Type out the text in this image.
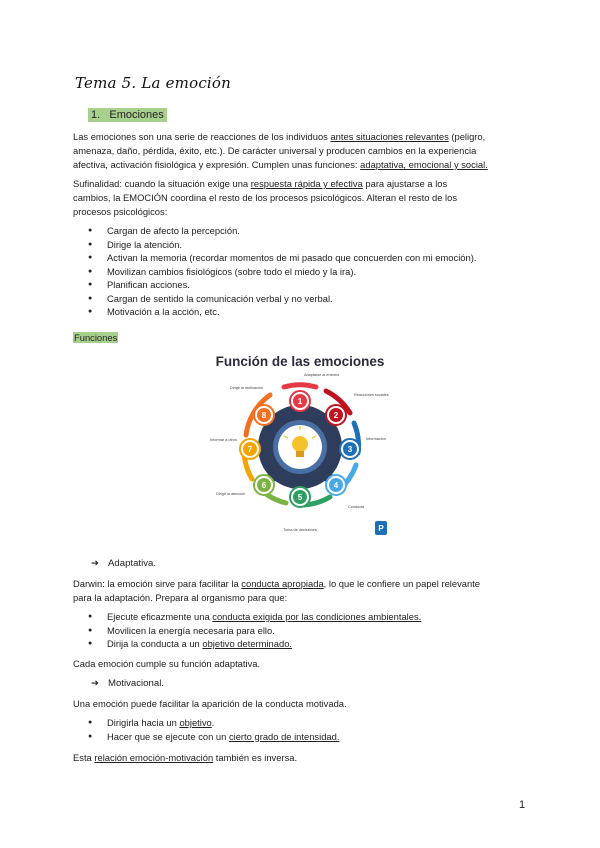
Tema 5. La emoción
1. Emociones
Las emociones son una serie de reacciones de los individuos antes situaciones relevantes (peligro,
amenaza, daño, pérdida, éxito, etc.). De carácter universal y producen cambios en la experiencia
afectiva, activación fisiológica y expresión. Cumplen unas funciones: adaptativa, emocional y social.
Sufinalidad: cuando la situación exige una respuesta rápida y efectiva para ajustarse a los
cambios, la EMOCIÓN coordina el resto de los procesos psicológicos. Alteran el resto de los
procesos psicológicos:
● Cargan de afecto la percepción.
● Dirige la atención.
● Activan la memoria (recordar momentos de mi pasado que concuerden con mi emoción).
● Movilizan cambios fisiológicos (sobre todo el miedo y la ira).
● Planifican acciones.
● Cargan de sentido la comunicación verbal y no verbal.
● Motivación a la acción, etc.
Funciones
Función de las emociones
1
2
3
4
5
6
7
8
Adaptarse al entorno
Reacciones sociales
Información
Conducta
Toma de decisiones
Dirigir la atención
Informar a otros
Dirigir la motivación
P
➔ Adaptativa.
Darwin: la emoción sirve para facilitar la conducta apropiada, lo que le confiere un papel relevante
para la adaptación. Prepara al organismo para que:
● Ejecute eficazmente una conducta exigida por las condiciones ambientales.
● Movilicen la energía necesaria para ello.
● Dirija la conducta a un objetivo determinado.
Cada emoción cumple su función adaptativa.
➔ Motivacional.
Una emoción puede facilitar la aparición de la conducta motivada.
● Dirigirla hacia un objetivo.
● Hacer que se ejecute con un cierto grado de intensidad.
Esta relación emoción-motivación también es inversa.
1
